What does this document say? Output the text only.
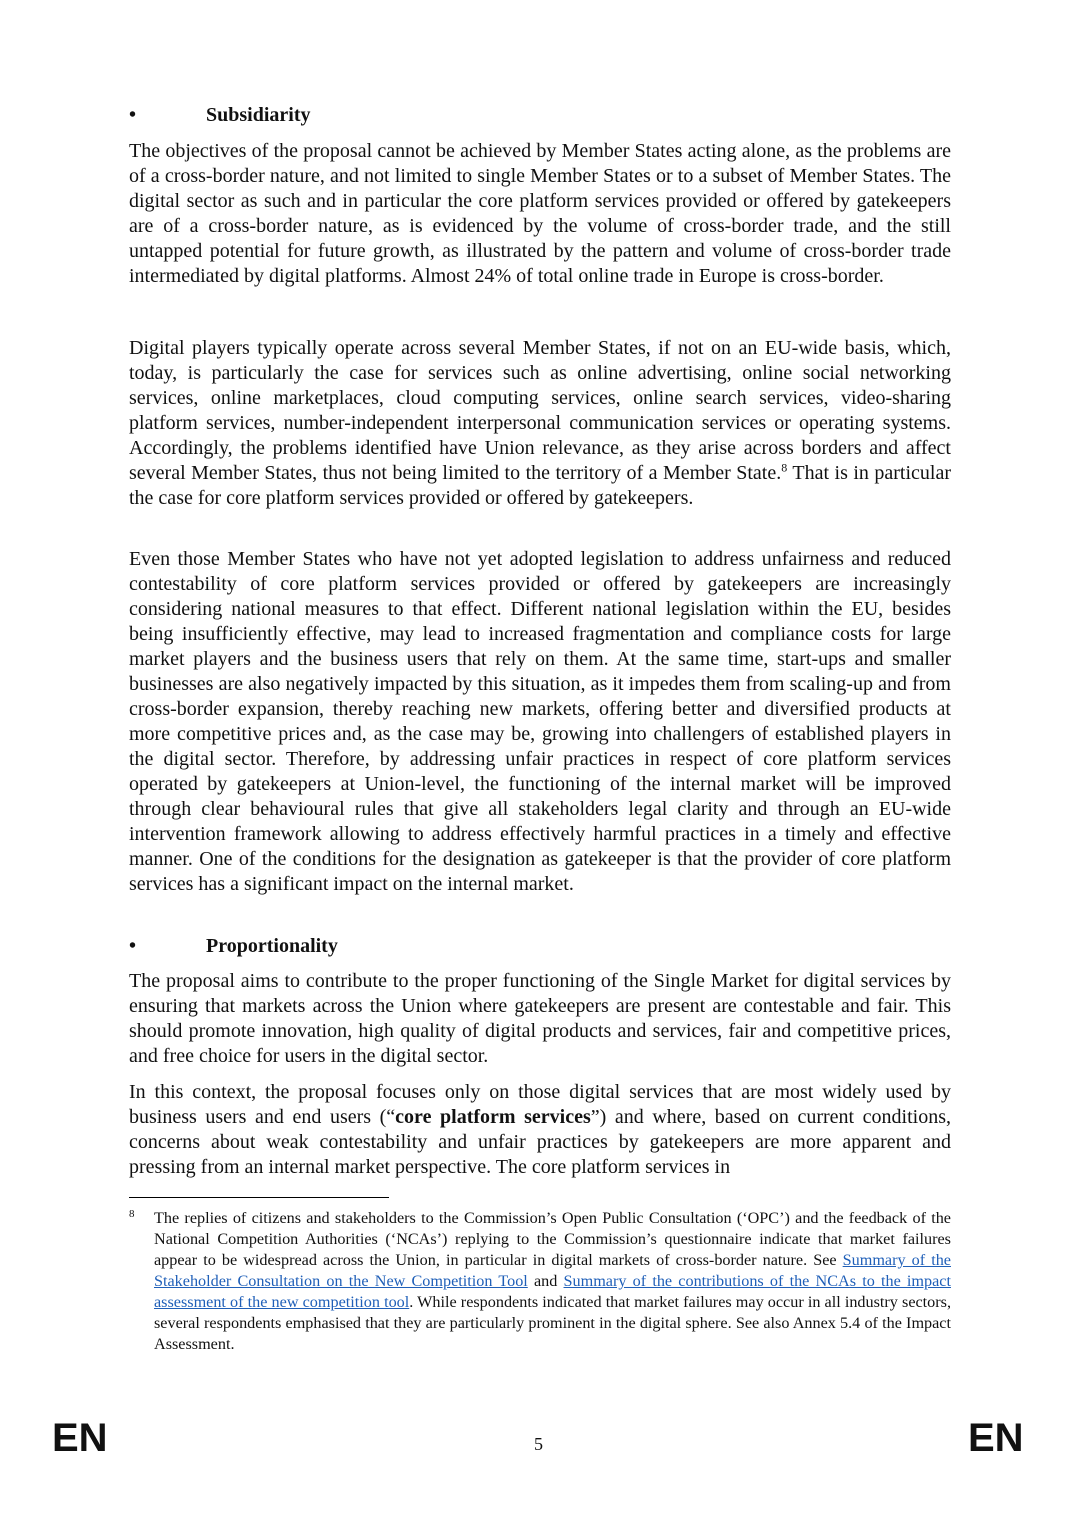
•	Subsidiarity

The objectives of the proposal cannot be achieved by Member States acting alone, as the problems are of a cross-border nature, and not limited to single Member States or to a subset of Member States. The digital sector as such and in particular the core platform services provided or offered by gatekeepers are of a cross-border nature, as is evidenced by the volume of cross-border trade, and the still untapped potential for future growth, as illustrated by the pattern and volume of cross-border trade intermediated by digital platforms. Almost 24% of total online trade in Europe is cross-border.

Digital players typically operate across several Member States, if not on an EU-wide basis, which, today, is particularly the case for services such as online advertising, online social networking services, online marketplaces, cloud computing services, online search services, video-sharing platform services, number-independent interpersonal communication services or operating systems. Accordingly, the problems identified have Union relevance, as they arise across borders and affect several Member States, thus not being limited to the territory of a Member State.$^8$ That is in particular the case for core platform services provided or offered by gatekeepers.

Even those Member States who have not yet adopted legislation to address unfairness and reduced contestability of core platform services provided or offered by gatekeepers are increasingly considering national measures to that effect. Different national legislation within the EU, besides being insufficiently effective, may lead to increased fragmentation and compliance costs for large market players and the business users that rely on them. At the same time, start-ups and smaller businesses are also negatively impacted by this situation, as it impedes them from scaling-up and from cross-border expansion, thereby reaching new markets, offering better and diversified products at more competitive prices and, as the case may be, growing into challengers of established players in the digital sector. Therefore, by addressing unfair practices in respect of core platform services operated by gatekeepers at Union-level, the functioning of the internal market will be improved through clear behavioural rules that give all stakeholders legal clarity and through an EU-wide intervention framework allowing to address effectively harmful practices in a timely and effective manner. One of the conditions for the designation as gatekeeper is that the provider of core platform services has a significant impact on the internal market.

•	Proportionality

The proposal aims to contribute to the proper functioning of the Single Market for digital services by ensuring that markets across the Union where gatekeepers are present are contestable and fair. This should promote innovation, high quality of digital products and services, fair and competitive prices, and free choice for users in the digital sector.

In this context, the proposal focuses only on those digital services that are most widely used by business users and end users (“core platform services”) and where, based on current conditions, concerns about weak contestability and unfair practices by gatekeepers are more apparent and pressing from an internal market perspective. The core platform services in

8 The replies of citizens and stakeholders to the Commission’s Open Public Consultation (‘OPC’) and the feedback of the National Competition Authorities (‘NCAs’) replying to the Commission’s questionnaire indicate that market failures appear to be widespread across the Union, in particular in digital markets of cross-border nature. See Summary of the Stakeholder Consultation on the New Competition Tool and Summary of the contributions of the NCAs to the impact assessment of the new competition tool. While respondents indicated that market failures may occur in all industry sectors, several respondents emphasised that they are particularly prominent in the digital sphere. See also Annex 5.4 of the Impact Assessment.
EN	5	EN
